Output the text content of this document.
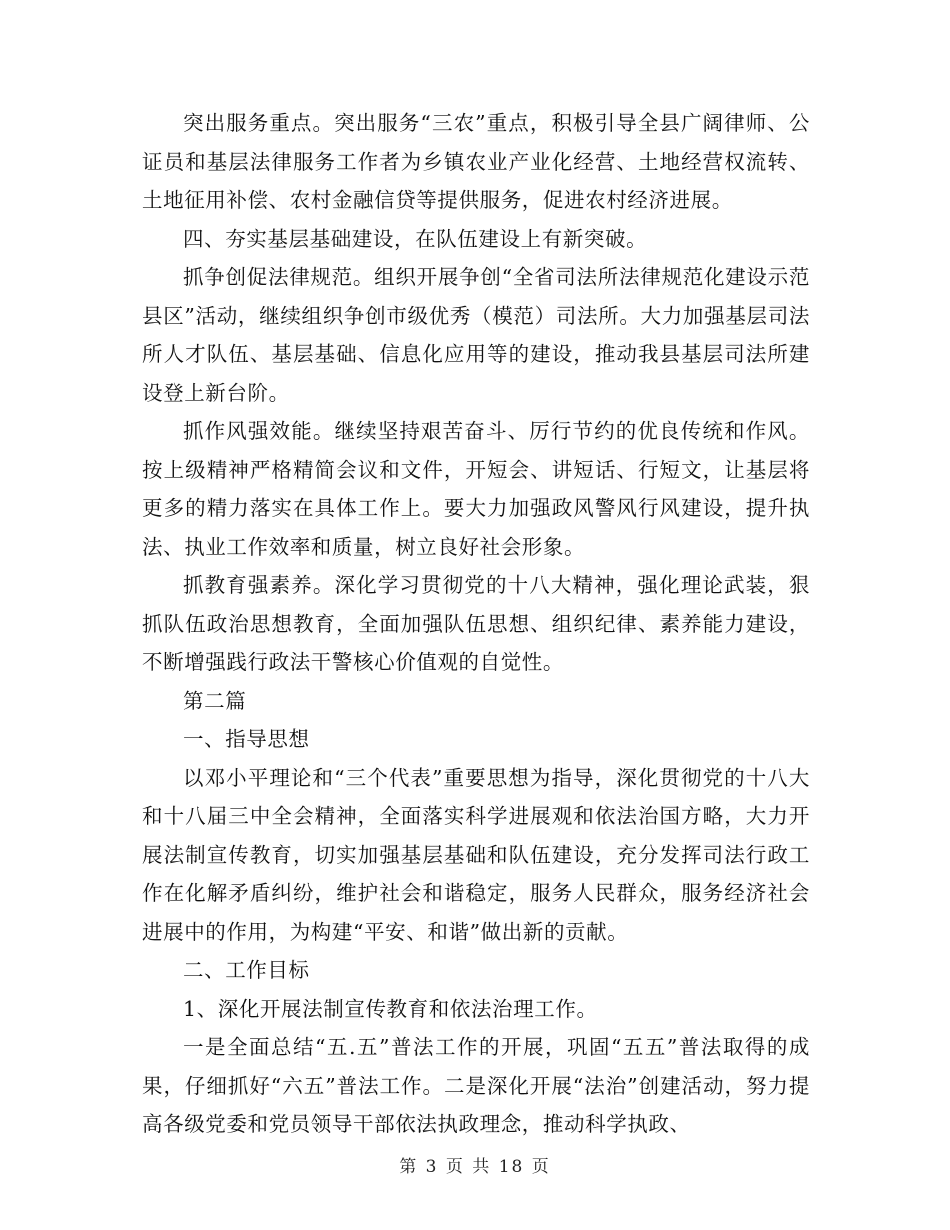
突出服务重点。突出服务“三农”重点，积极引导全县广阔律师、公证员和基层法律服务工作者为乡镇农业产业化经营、土地经营权流转、土地征用补偿、农村金融信贷等提供服务，促进农村经济进展。

四、夯实基层基础建设，在队伍建设上有新突破。

抓争创促法律规范。组织开展争创“全省司法所法律规范化建设示范县区”活动，继续组织争创市级优秀（模范）司法所。大力加强基层司法所人才队伍、基层基础、信息化应用等的建设，推动我县基层司法所建设登上新台阶。

抓作风强效能。继续坚持艰苦奋斗、厉行节约的优良传统和作风。按上级精神严格精简会议和文件，开短会、讲短话、行短文，让基层将更多的精力落实在具体工作上。要大力加强政风警风行风建设，提升执法、执业工作效率和质量，树立良好社会形象。

抓教育强素养。深化学习贯彻党的十八大精神，强化理论武装，狠抓队伍政治思想教育，全面加强队伍思想、组织纪律、素养能力建设，不断增强践行政法干警核心价值观的自觉性。

第二篇

一、指导思想

以邓小平理论和“三个代表”重要思想为指导，深化贯彻党的十八大和十八届三中全会精神，全面落实科学进展观和依法治国方略，大力开展法制宣传教育，切实加强基层基础和队伍建设，充分发挥司法行政工作在化解矛盾纠纷，维护社会和谐稳定，服务人民群众，服务经济社会进展中的作用，为构建“平安、和谐”做出新的贡献。

二、工作目标

1、深化开展法制宣传教育和依法治理工作。

一是全面总结“五.五”普法工作的开展，巩固“五五”普法取得的成果，仔细抓好“六五”普法工作。二是深化开展“法治”创建活动，努力提高各级党委和党员领导干部依法执政理念，推动科学执政、

第 3 页 共 18 页
